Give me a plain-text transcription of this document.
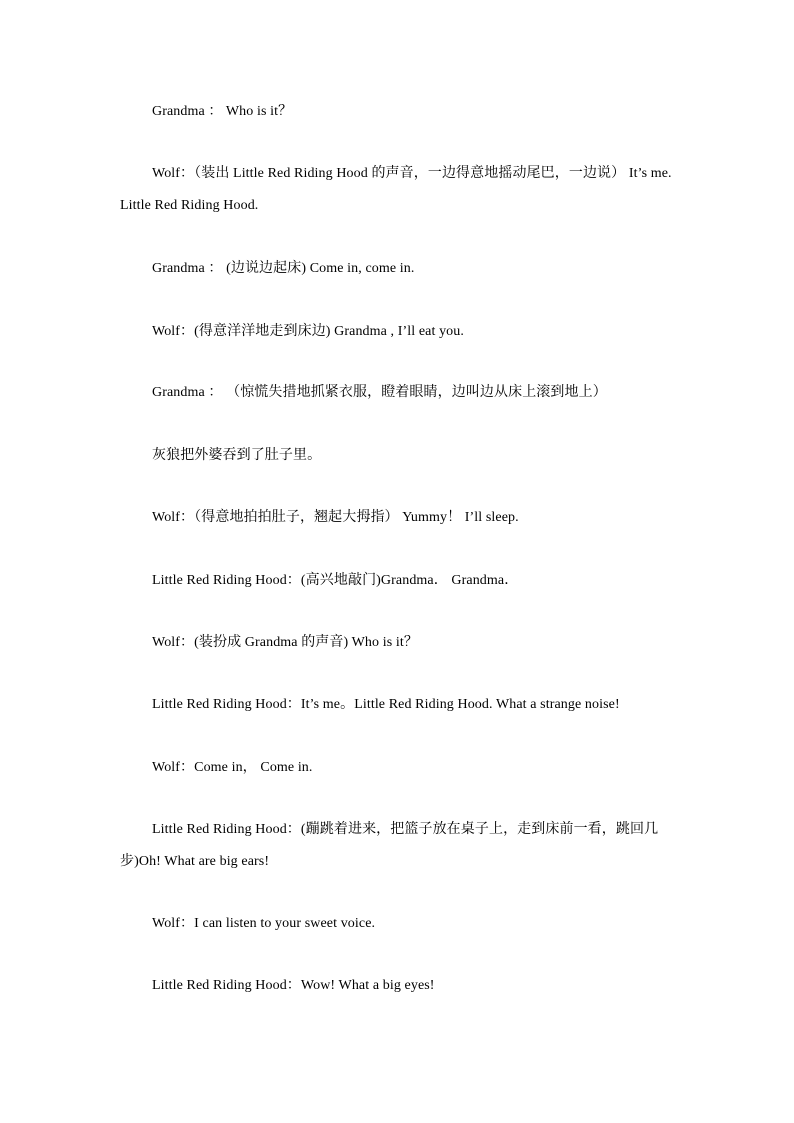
Grandma ： Who is it？

Wolf：（装出 Little Red Riding Hood 的声音，一边得意地摇动尾巴，一边说） It’s me. Little Red Riding Hood.

Grandma ： (边说边起床) Come in, come in.

Wolf：(得意洋洋地走到床边) Grandma , I’ll eat you.

Grandma ： （惊慌失措地抓紧衣服，瞪着眼睛，边叫边从床上滚到地上）

灰狼把外婆吞到了肚子里。

Wolf：（得意地拍拍肚子，翘起大拇指） Yummy！ I’ll sleep.

Little Red Riding Hood：(高兴地敲门)Grandma． Grandma．

Wolf：(装扮成 Grandma 的声音) Who is it？

Little Red Riding Hood：It’s me。Little Red Riding Hood. What a strange noise!

Wolf：Come in， Come in.

Little Red Riding Hood：(蹦跳着进来，把篮子放在桌子上，走到床前一看，跳回几步)Oh! What are big ears!

Wolf：I can listen to your sweet voice.

Little Red Riding Hood：Wow! What a big eyes!
